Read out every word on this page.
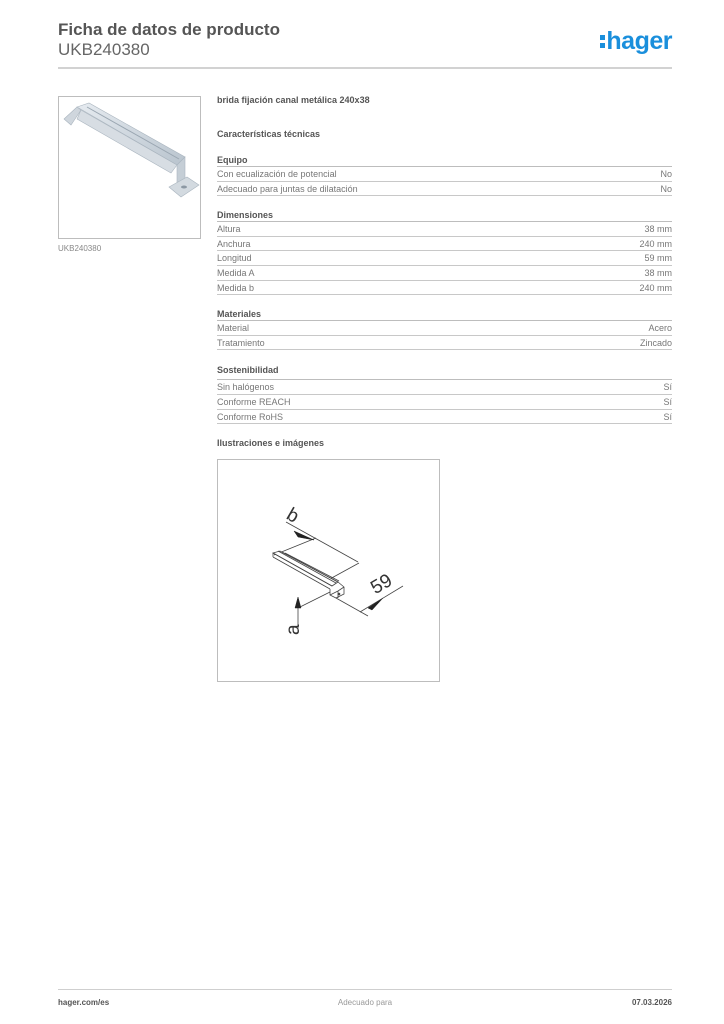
Ficha de datos de producto
UKB240380	hager
UKB240380
brida fijación canal metálica 240x38
Características técnicas
Equipo
Con ecualización de potencial	No
Adecuado para juntas de dilatación	No
Dimensiones
Altura	38 mm
Anchura	240 mm
Longitud	59 mm
Medida A	38 mm
Medida b	240 mm
Materiales
Material	Acero
Tratamiento	Zincado
Sostenibilidad
Sin halógenos	Sí
Conforme REACH	Sí
Conforme RoHS	Sí
Ilustraciones e imágenes
b
59
a
hager.com/es	Adecuado para	07.03.2026
